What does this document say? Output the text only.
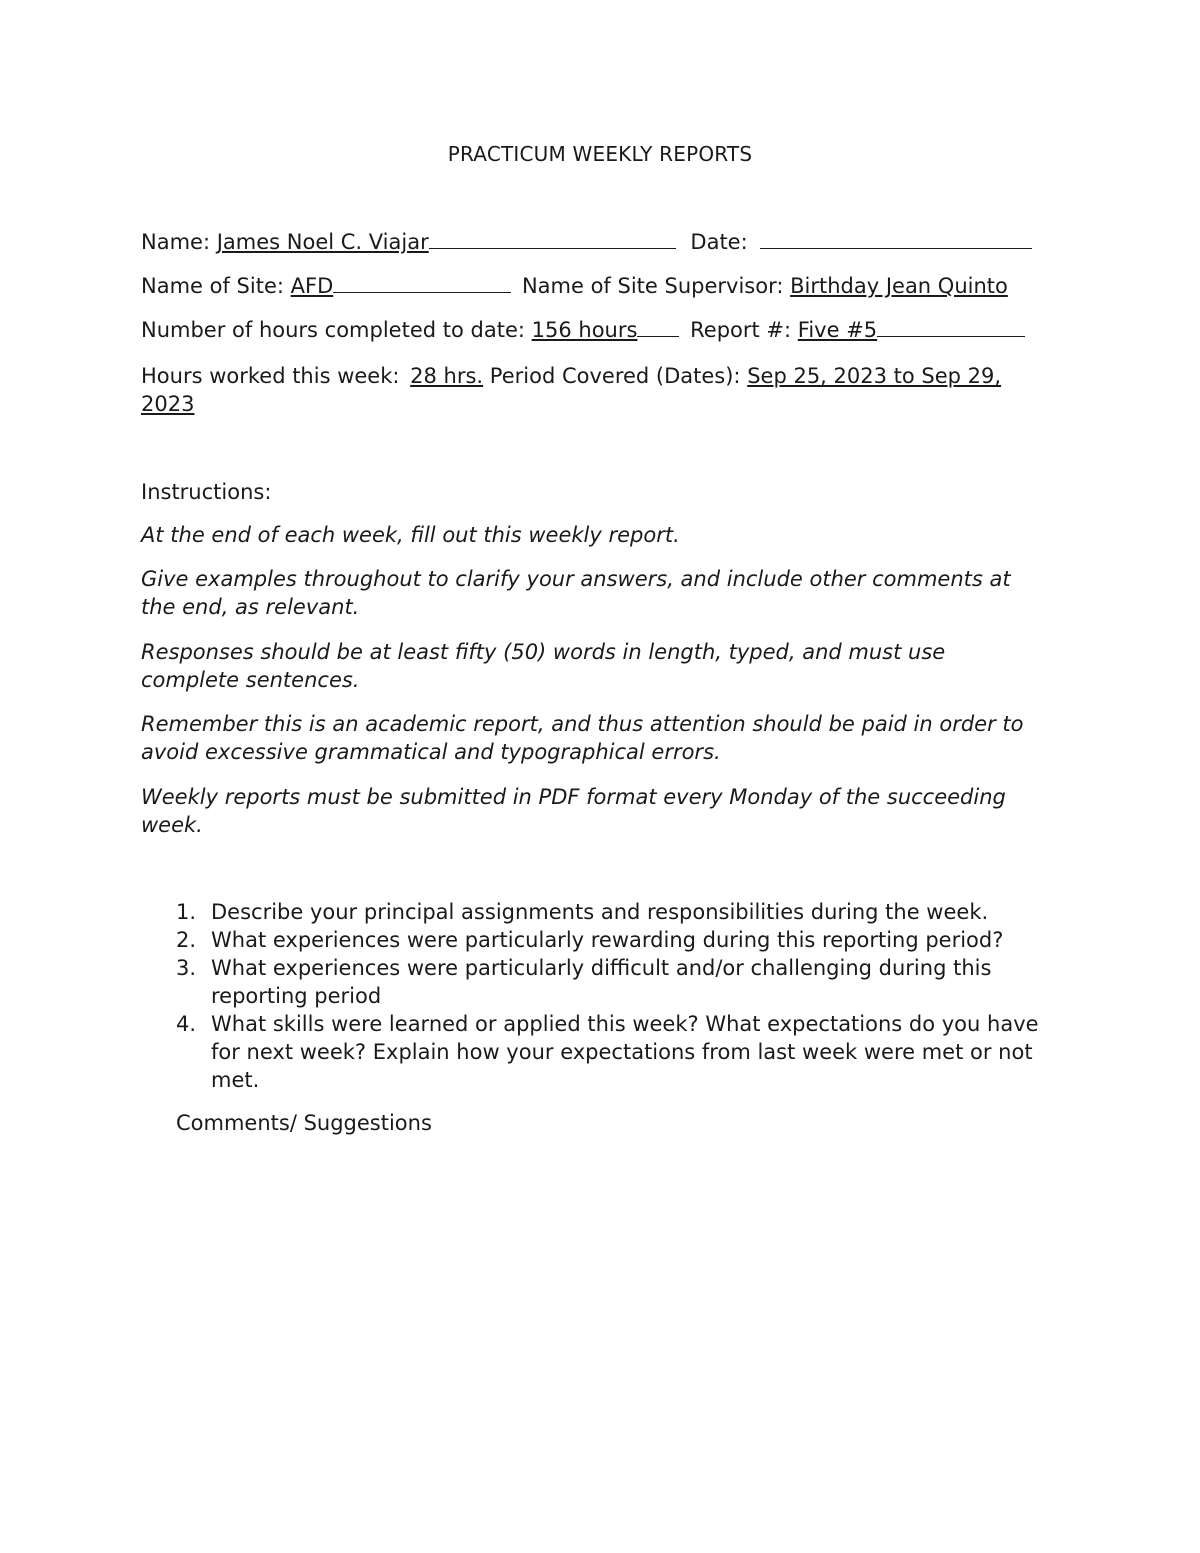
PRACTICUM WEEKLY REPORTS
Name: James Noel C. Viajar	Date:
Name of Site: AFD	Name of Site Supervisor: Birthday Jean Quinto
Number of hours completed to date: 156 hours	Report #: Five #5
Hours worked this week: 28 hrs. Period Covered (Dates): Sep 25, 2023 to Sep 29,
2023
Instructions:
At the end of each week, fill out this weekly report.
Give examples throughout to clarify your answers, and include other comments at the end, as relevant.
Responses should be at least fifty (50) words in length, typed, and must use complete sentences.
Remember this is an academic report, and thus attention should be paid in order to avoid excessive grammatical and typographical errors.
Weekly reports must be submitted in PDF format every Monday of the succeeding week.
1. Describe your principal assignments and responsibilities during the week.
2. What experiences were particularly rewarding during this reporting period?
3. What experiences were particularly difficult and/or challenging during this reporting period
4. What skills were learned or applied this week? What expectations do you have for next week? Explain how your expectations from last week were met or not met.
Comments/ Suggestions
